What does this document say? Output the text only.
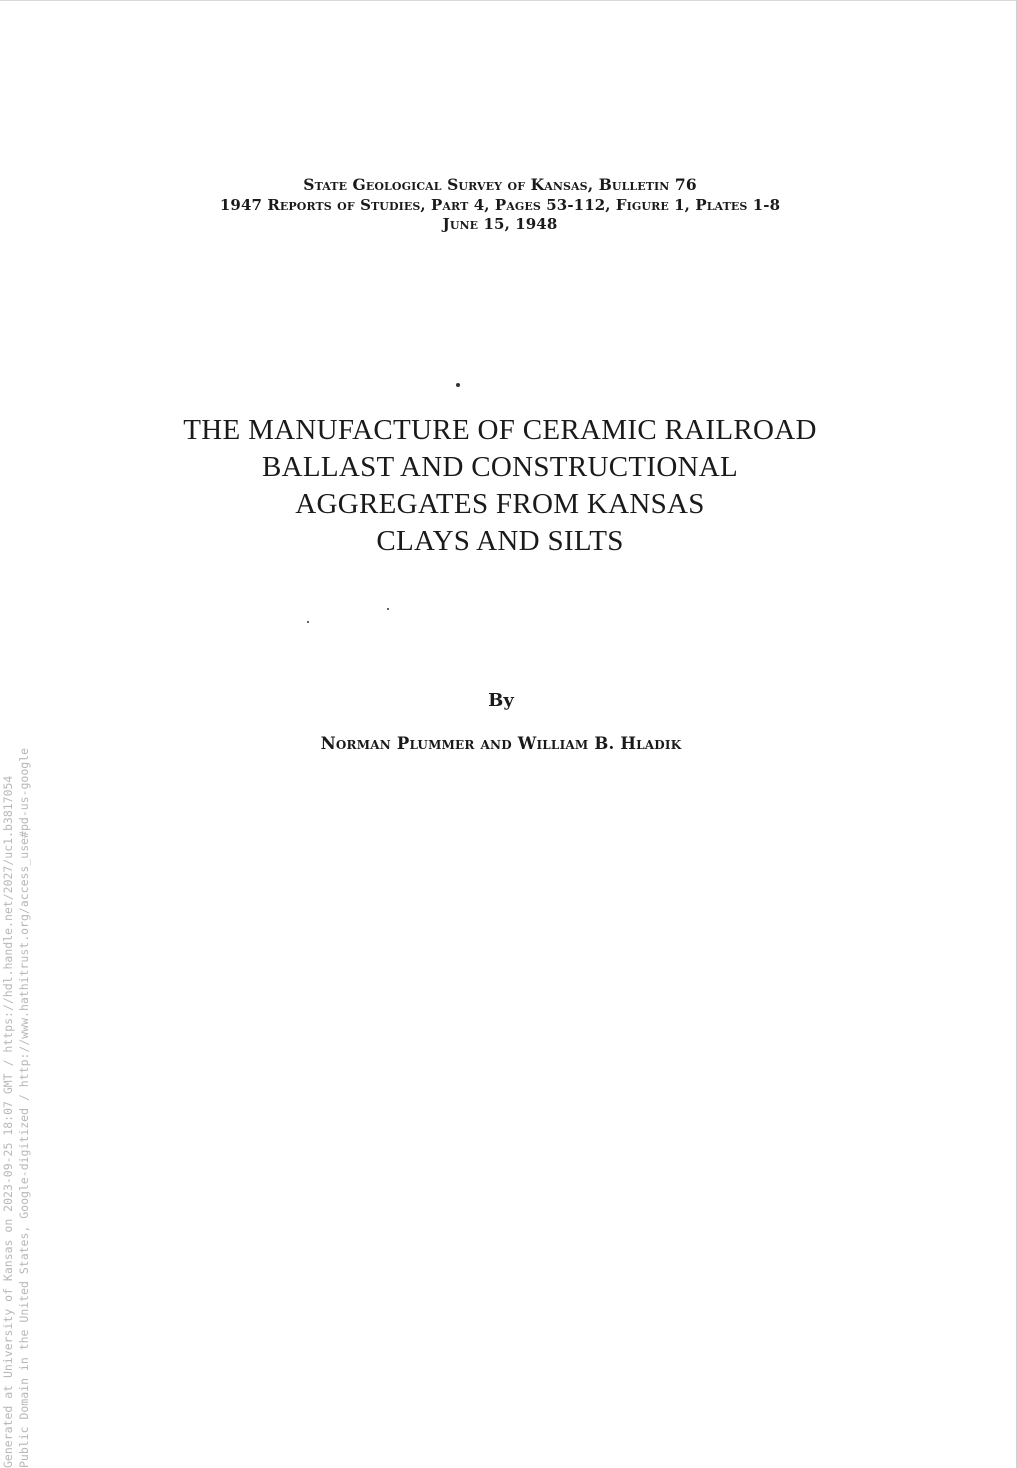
State Geological Survey of Kansas, Bulletin 76
1947 Reports of Studies, Part 4, Pages 53-112, Figure 1, Plates 1-8
June 15, 1948
THE MANUFACTURE OF CERAMIC RAILROAD
BALLAST AND CONSTRUCTIONAL
AGGREGATES FROM KANSAS
CLAYS AND SILTS
By
Norman Plummer and William B. Hladik
Generated at University of Kansas on 2023-09-25 18:07 GMT / https://hdl.handle.net/2027/uc1.b3817054 Public Domain in the United States, Google-digitized / http://www.hathitrust.org/access_use#pd-us-google
